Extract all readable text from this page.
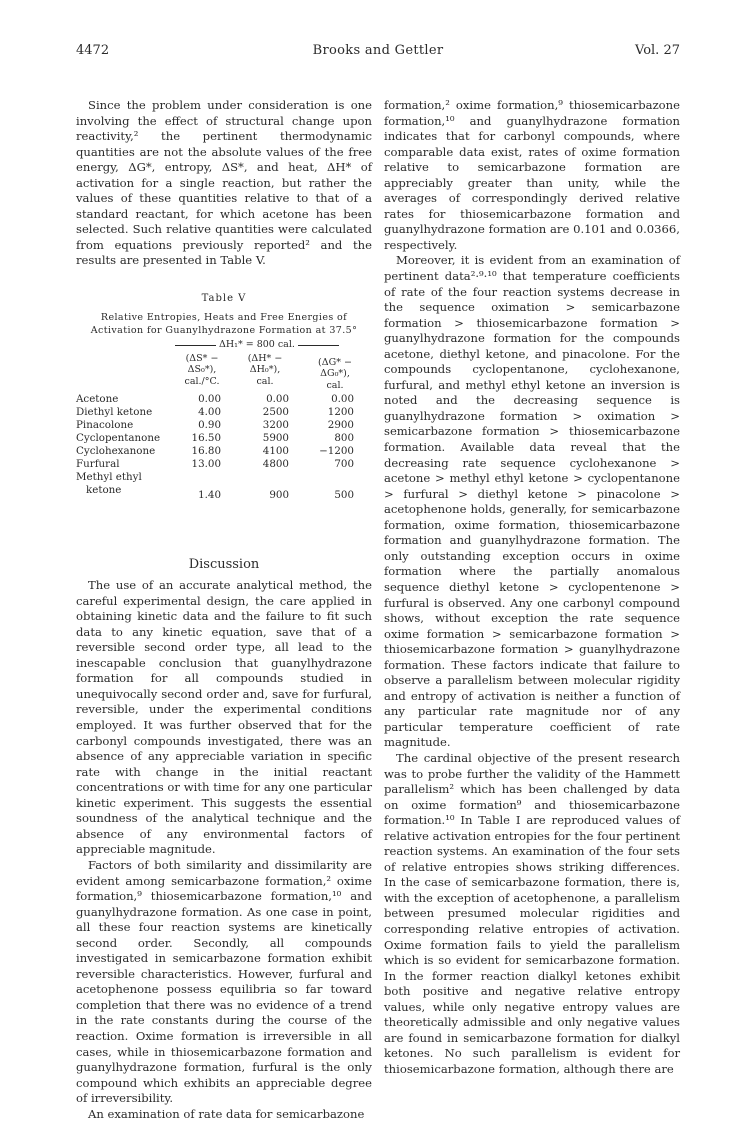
4472	Brooks and Gettler	Vol. 27

Since the problem under consideration is one involving the effect of structural change upon reactivity,² the pertinent thermodynamic quantities are not the absolute values of the free energy, ΔG*, entropy, ΔS*, and heat, ΔH* of activation for a single reaction, but rather the values of these quantities relative to that of a standard reactant, for which acetone has been selected. Such relative quantities were calculated from equations previously reported² and the results are presented in Table V.

Table V
Relative Entropies, Heats and Free Energies of
Activation for Guanylhydrazone Formation at 37.5°
ΔH₁* = 800 cal.
(ΔS* −
ΔS₀*),
cal./°C.
(ΔH* −
ΔH₀*),
cal.
(ΔG* −
ΔG₀*),
cal.
Acetone	0.00	0.00	0.00
Diethyl ketone	4.00	2500	1200
Pinacolone	0.90	3200	2900
Cyclopentanone	16.50	5900	800
Cyclohexanone	16.80	4100	−1200
Furfural	13.00	4800	700
Methyl ethyl
ketone	1.40	900	500
Discussion

The use of an accurate analytical method, the careful experimental design, the care applied in obtaining kinetic data and the failure to fit such data to any kinetic equation, save that of a reversible second order type, all lead to the inescapable conclusion that guanylhydrazone formation for all compounds studied in unequivocally second order and, save for furfural, reversible, under the experimental conditions employed. It was further observed that for the carbonyl compounds investigated, there was an absence of any appreciable variation in specific rate with change in the initial reactant concentrations or with time for any one particular kinetic experiment. This suggests the essential soundness of the analytical technique and the absence of any environmental factors of appreciable magnitude.

Factors of both similarity and dissimilarity are evident among semicarbazone formation,² oxime formation,⁹ thiosemicarbazone formation,¹⁰ and guanylhydrazone formation. As one case in point, all these four reaction systems are kinetically second order. Secondly, all compounds investigated in semicarbazone formation exhibit reversible characteristics. However, furfural and acetophenone possess equilibria so far toward completion that there was no evidence of a trend in the rate constants during the course of the reaction. Oxime formation is irreversible in all cases, while in thiosemicarbazone formation and guanylhydrazone formation, furfural is the only compound which exhibits an appreciable degree of irreversibility.

An examination of rate data for semicarbazone

formation,² oxime formation,⁹ thiosemicarbazone formation,¹⁰ and guanylhydrazone formation indicates that for carbonyl compounds, where comparable data exist, rates of oxime formation relative to semicarbazone formation are appreciably greater than unity, while the averages of correspondingly derived relative rates for thiosemicarbazone formation and guanylhydrazone formation are 0.101 and 0.0366, respectively.

Moreover, it is evident from an examination of pertinent data²·⁹·¹⁰ that temperature coefficients of rate of the four reaction systems decrease in the sequence oximation > semicarbazone formation > thiosemicarbazone formation > guanylhydrazone formation for the compounds acetone, diethyl ketone, and pinacolone. For the compounds cyclopentanone, cyclohexanone, furfural, and methyl ethyl ketone an inversion is noted and the decreasing sequence is guanylhydrazone formation > oximation > semicarbazone formation > thiosemicarbazone formation. Available data reveal that the decreasing rate sequence cyclohexanone > acetone > methyl ethyl ketone > cyclopentanone > furfural > diethyl ketone > pinacolone > acetophenone holds, generally, for semicarbazone formation, oxime formation, thiosemicarbazone formation and guanylhydrazone formation. The only outstanding exception occurs in oxime formation where the partially anomalous sequence diethyl ketone > cyclopentenone > furfural is observed. Any one carbonyl compound shows, without exception the rate sequence oxime formation > semicarbazone formation > thiosemicarbazone formation > guanylhydrazone formation. These factors indicate that failure to observe a parallelism between molecular rigidity and entropy of activation is neither a function of any particular rate magnitude nor of any particular temperature coefficient of rate magnitude.

The cardinal objective of the present research was to probe further the validity of the Hammett parallelism² which has been challenged by data on oxime formation⁹ and thiosemicarbazone formation.¹⁰ In Table I are reproduced values of relative activation entropies for the four pertinent reaction systems. An examination of the four sets of relative entropies shows striking differences. In the case of semicarbazone formation, there is, with the exception of acetophenone, a parallelism between presumed molecular rigidities and corresponding relative entropies of activation. Oxime formation fails to yield the parallelism which is so evident for semicarbazone formation. In the former reaction dialkyl ketones exhibit both positive and negative relative entropy values, while only negative entropy values are theoretically admissible and only negative values are found in semicarbazone formation for dialkyl ketones. No such parallelism is evident for thiosemicarbazone formation, although there are
